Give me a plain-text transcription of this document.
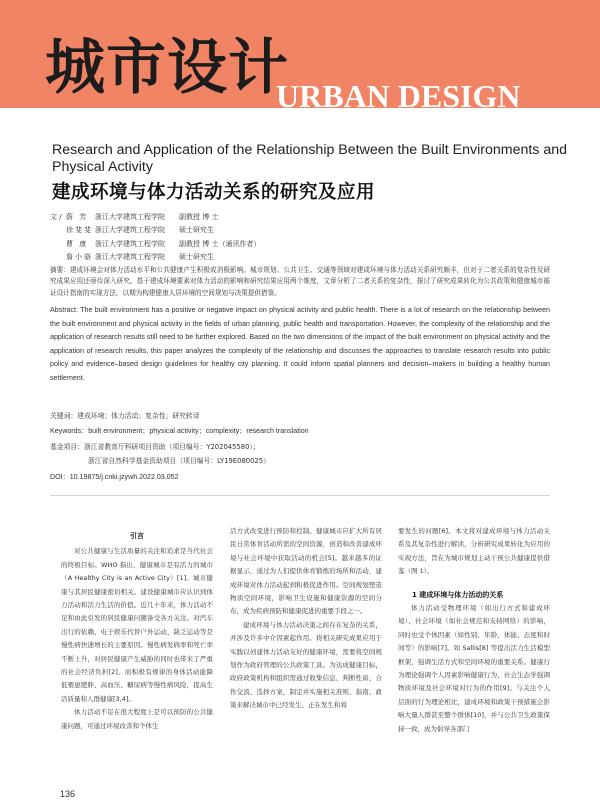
城市设计
URBAN DESIGN
Research and Application of the Relationship Between the Built Environments and Physical Activity
建成环境与体力活动关系的研究及应用
文 / 蔚 芳 浙江大学建筑工程学院	副教授 博 士
徐斐斐 浙江大学建筑工程学院	硕士研究生
曹 康 浙江大学建筑工程学院	副教授 博 士（通讯作者）
詹小骆 浙江大学建筑工程学院	硕士研究生
摘要：建成环境会对体力活动水平和公共健康产生积极或消极影响。城市规划、公共卫生、交通等领域对建成环境与体力活动关系研究颇丰，但对于二者关系的复杂性及研究成果应用还亟待深入研究。基于建成环境要素对体力活动的影响和研究结果应用两个维度，文章分析了二者关系的复杂性，探讨了研究成果转化为公共政策和健康城市循证设计指南的实现方法，以期为构建健康人居环境的空间规划与决策提供借鉴。
Abstract: The built environment has a positive or negative impact on physical activity and public health. There is a lot of research on the relationship between the built environment and physical activity in the fields of urban planning, public health and transportation. However, the complexity of the relationship and the application of research results still need to be further explored. Based on the two dimensions of the impact of the built environment on physical activity and the application of research results, this paper analyzes the complexity of the relationship and discusses the approaches to translate research results into public policy and evidence–based design guidelines for healthy city planning. It could inform spatial planners and decision–makers in building a healthy human settlement.
关键词：建成环境；体力活动；复杂性；研究转译
Keywords：built environment；physical activity；complexity；research translation
基金项目：浙江省教育厅科研项目资助（项目编号：Y202045580）；
浙江省自然科学基金资助项目（项目编号：LY19E080025）
DOI：10.19875/j.cnki.jzywh.2022.03.052

引言

对公共健康与生活质量的关注和追求是当代社会的终极目标。WHO 指出，健康城市是有活力的城市（A Healthy City is an Active City）[1]。城市健康与其居民健康密切相关。建设健康城市应认识到体力活动和活力生活的价值。近几十年来，体力活动不足和由此引发的居民健康问题备受各方关注。对汽车出行的依赖、电子娱乐代替户外运动、缺乏运动等是慢性病快速增长的主要原因。慢性病发病率和死亡率不断上升，对居民健康产生威胁的同时也带来了严重的社会经济负担[2]。而积极有规律的身体活动能降低罹患肥胖、高血压、糖尿病等慢性病风险，提高生活质量和人群健康[3,4]。

体力活动不足在很大程度上是可以预防的公共健康问题，可通过环境改善和个体生

活方式改变进行预防和控制。健康城市应扩大所有居民日常体育活动所需的空间资源，创造和改善建成环境与社会环境中获取活动的机会[5]。越来越多的证据显示，通过为人们提供体育锻炼的场所和活动，建成环境对体力活动起到积极促进作用。空间规划塑造物质空间环境，影响卫生设施和健康资源的空间分布，成为疾病预防和健康促进的重要手段之一。

建成环境与体力活动决策之间存在复杂的关系，并涉及许多中介因素起作用。将相关研究成果应用于实践以创建体力活动友好的健康环境，需要将空间规划作为政府管理的公共政策工具。为达成健康目标，政府政策机构和组织需通过收集信息、判断性质、合作交流、选择方案，制定并实施相关准则、指南、政策来解决城市中已经发生、正在发生和将

要发生的问题[6]。本文将对建成环境与体力活动关系及其复杂性进行解读，分析研究成果转化为应用的实现方法，旨在为城市规划主动干预公共健康提供借鉴（图 1）。

1 建成环境与体力活动的关系

体力活动受物理环境（如出行方式和建成环境）、社会环境（如社会规范和支持网络）的影响，同时也受个体因素（如性别、年龄、体能、态度和时间等）的影响[7]。如 Sallis[8] 等提出活力生活模型框架，强调生活方式和空间环境的重要关系。健康行为理论强调个人因素影响健康行为，社会生态学强调物质环境及社会环境对行为的作用[9]。与关注个人层面的行为理论相比，建成环境和政策干预措施会影响大量人群甚至整个群体[10]，并与公共卫生政策保持一致，成为倡导各部门

136
